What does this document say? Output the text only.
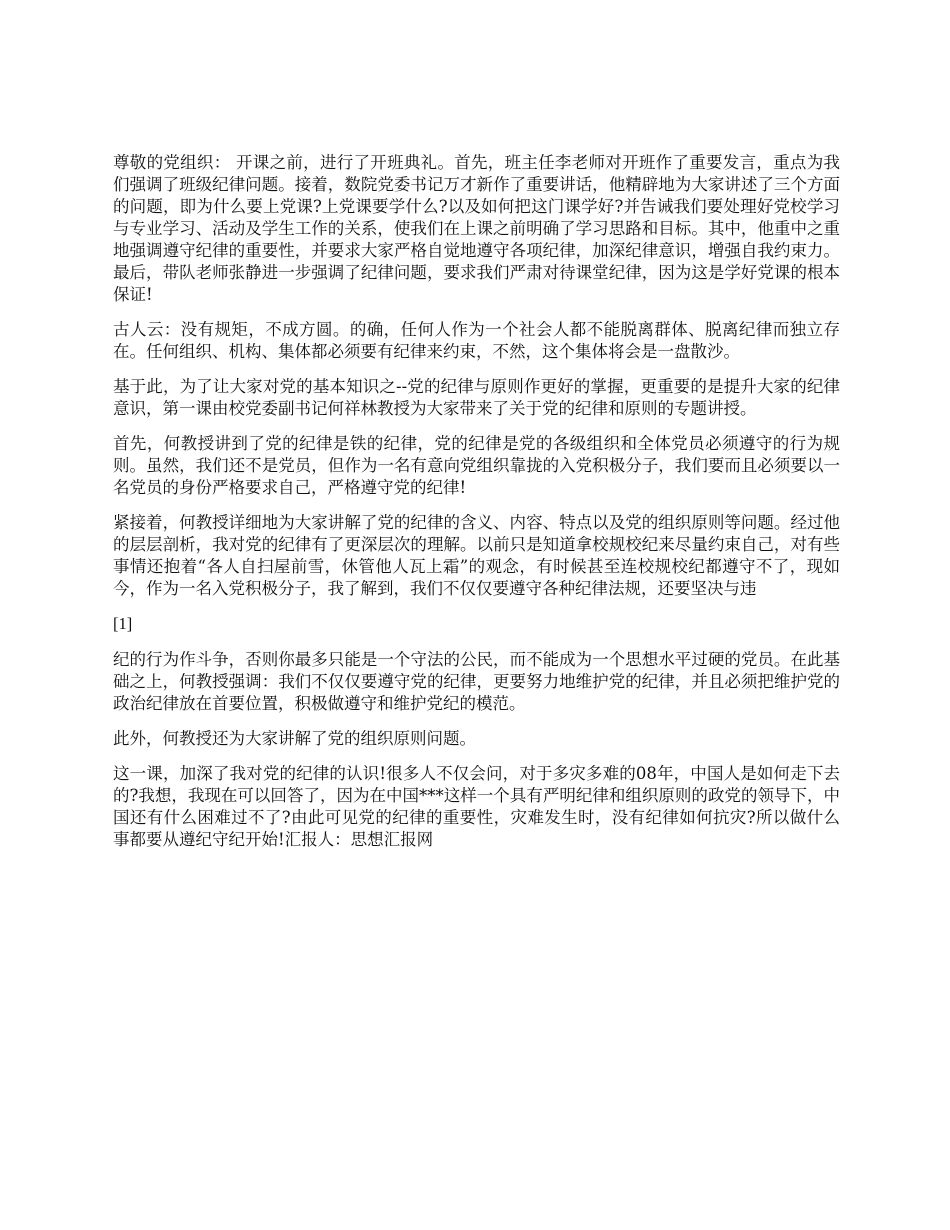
尊敬的党组织： 开课之前，进行了开班典礼。首先，班主任李老师对开班作了重要发言，重点为我们强调了班级纪律问题。接着，数院党委书记万才新作了重要讲话，他精辟地为大家讲述了三个方面的问题，即为什么要上党课?上党课要学什么?以及如何把这门课学好?并告诫我们要处理好党校学习与专业学习、活动及学生工作的关系，使我们在上课之前明确了学习思路和目标。其中，他重中之重地强调遵守纪律的重要性，并要求大家严格自觉地遵守各项纪律，加深纪律意识，增强自我约束力。最后，带队老师张静进一步强调了纪律问题，要求我们严肃对待课堂纪律，因为这是学好党课的根本保证!

古人云：没有规矩，不成方圆。的确，任何人作为一个社会人都不能脱离群体、脱离纪律而独立存在。任何组织、机构、集体都必须要有纪律来约束，不然，这个集体将会是一盘散沙。

基于此，为了让大家对党的基本知识之--党的纪律与原则作更好的掌握，更重要的是提升大家的纪律意识，第一课由校党委副书记何祥林教授为大家带来了关于党的纪律和原则的专题讲授。

首先，何教授讲到了党的纪律是铁的纪律，党的纪律是党的各级组织和全体党员必须遵守的行为规则。虽然，我们还不是党员，但作为一名有意向党组织靠拢的入党积极分子，我们要而且必须要以一名党员的身份严格要求自己，严格遵守党的纪律!

紧接着，何教授详细地为大家讲解了党的纪律的含义、内容、特点以及党的组织原则等问题。经过他的层层剖析，我对党的纪律有了更深层次的理解。以前只是知道拿校规校纪来尽量约束自己，对有些事情还抱着“各人自扫屋前雪，休管他人瓦上霜”的观念，有时候甚至连校规校纪都遵守不了，现如今，作为一名入党积极分子，我了解到，我们不仅仅要遵守各种纪律法规，还要坚决与违

[1]

纪的行为作斗争，否则你最多只能是一个守法的公民，而不能成为一个思想水平过硬的党员。在此基础之上，何教授强调：我们不仅仅要遵守党的纪律，更要努力地维护党的纪律，并且必须把维护党的政治纪律放在首要位置，积极做遵守和维护党纪的模范。

此外，何教授还为大家讲解了党的组织原则问题。

这一课，加深了我对党的纪律的认识!很多人不仅会问，对于多灾多难的08年，中国人是如何走下去的?我想，我现在可以回答了，因为在中国***这样一个具有严明纪律和组织原则的政党的领导下，中国还有什么困难过不了?由此可见党的纪律的重要性，灾难发生时，没有纪律如何抗灾?所以做什么事都要从遵纪守纪开始!汇报人：思想汇报网
